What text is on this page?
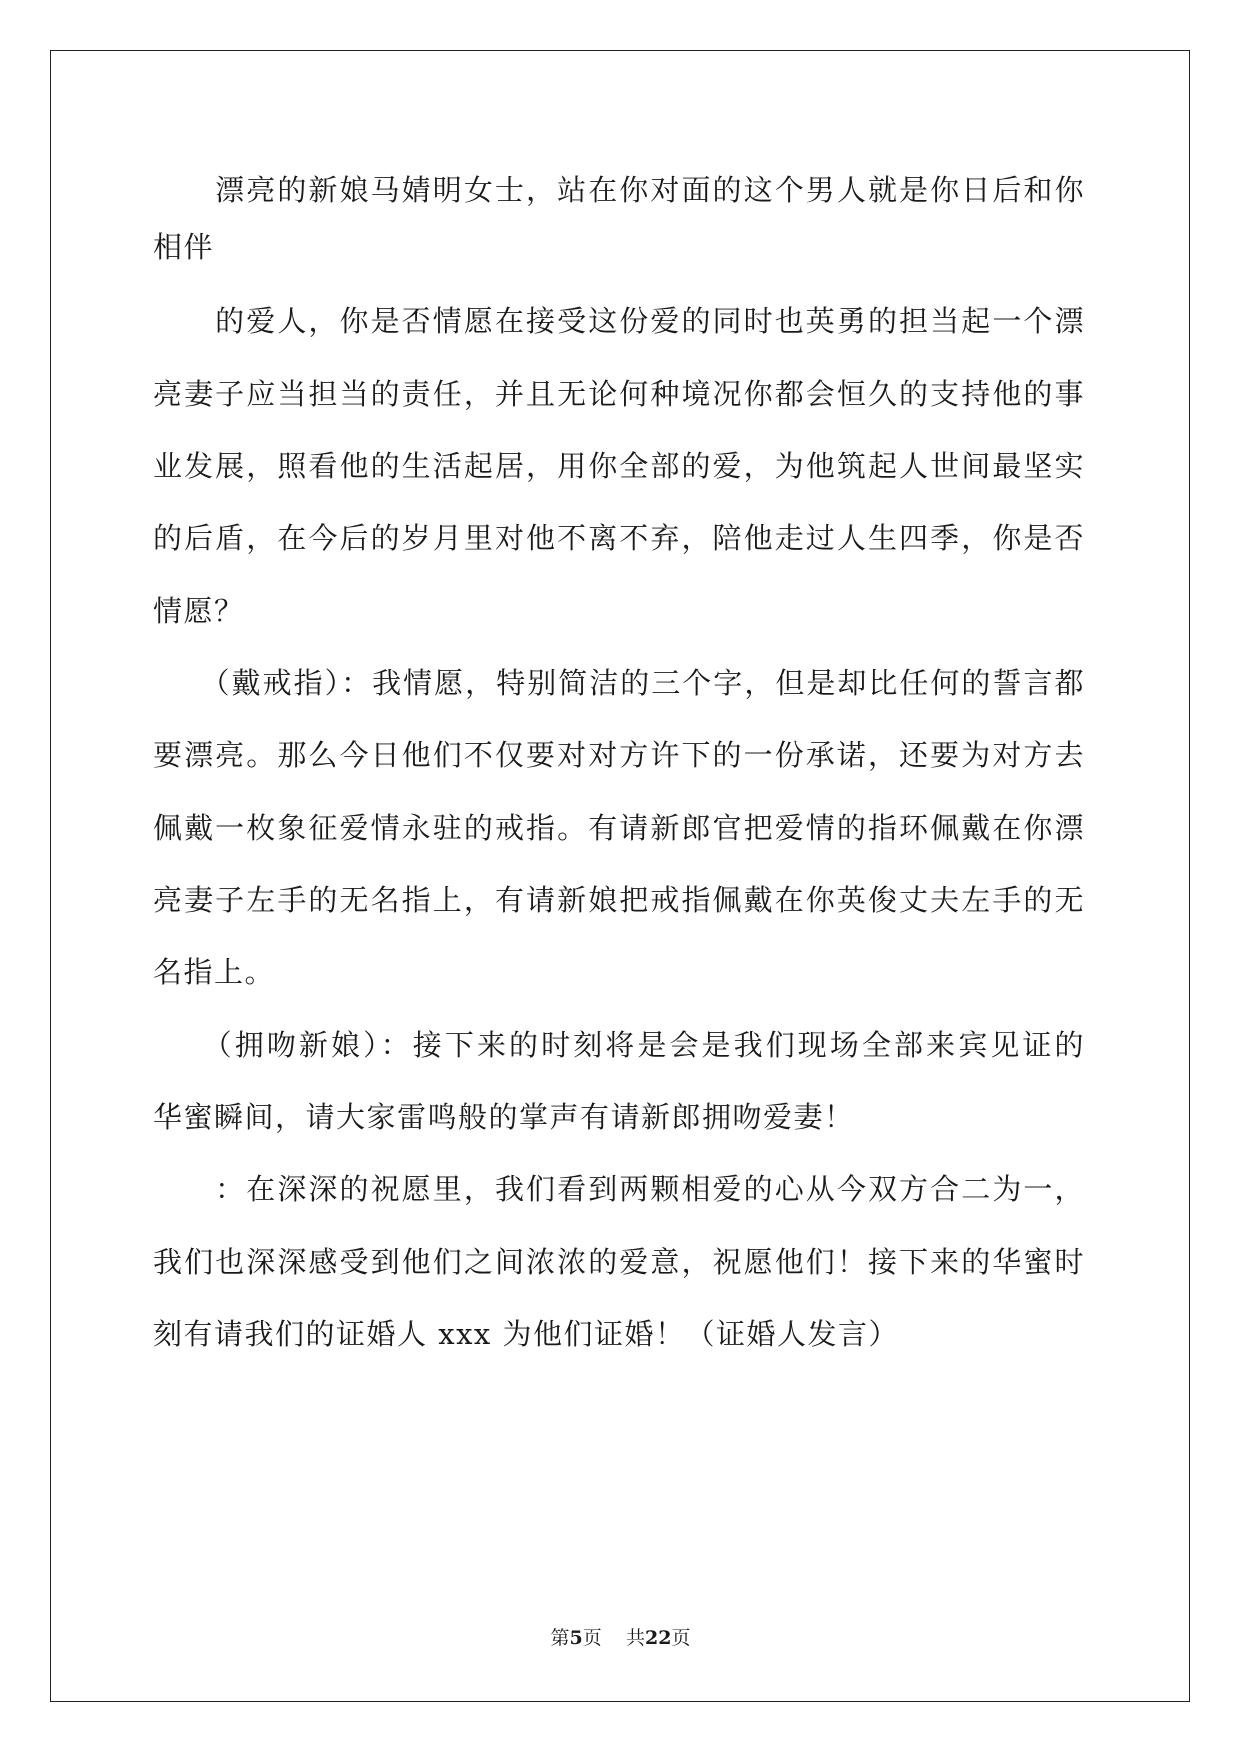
　　漂亮的新娘马婧明女士，站在你对面的这个男人就是你日后和你
相伴
　　的爱人，你是否情愿在接受这份爱的同时也英勇的担当起一个漂
亮妻子应当担当的责任，并且无论何种境况你都会恒久的支持他的事
业发展，照看他的生活起居，用你全部的爱，为他筑起人世间最坚实
的后盾，在今后的岁月里对他不离不弃，陪他走过人生四季，你是否
情愿？
　　（戴戒指）：我情愿，特别简洁的三个字，但是却比任何的誓言都
要漂亮。那么今日他们不仅要对对方许下的一份承诺，还要为对方去
佩戴一枚象征爱情永驻的戒指。有请新郎官把爱情的指环佩戴在你漂
亮妻子左手的无名指上，有请新娘把戒指佩戴在你英俊丈夫左手的无
名指上。
　　（拥吻新娘）：接下来的时刻将是会是我们现场全部来宾见证的
华蜜瞬间，请大家雷鸣般的掌声有请新郎拥吻爱妻！
　　：在深深的祝愿里，我们看到两颗相爱的心从今双方合二为一，
我们也深深感受到他们之间浓浓的爱意，祝愿他们！接下来的华蜜时
刻有请我们的证婚人 xxx 为他们证婚！（证婚人发言）
第5页 共22页
